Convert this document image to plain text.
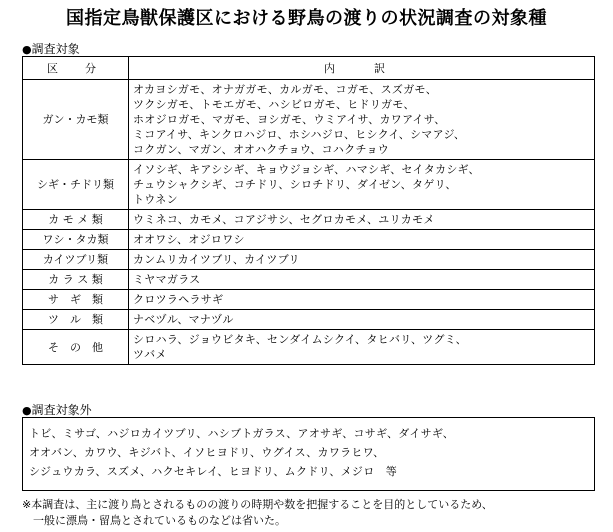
国指定鳥獣保護区における野鳥の渡りの状況調査の対象種
●調査対象
区　分	内　訳
ガン・カモ類	オカヨシガモ、オナガガモ、カルガモ、コガモ、スズガモ、
ツクシガモ、トモエガモ、ハシビロガモ、ヒドリガモ、
ホオジロガモ、マガモ、ヨシガモ、ウミアイサ、カワアイサ、
ミコアイサ、キンクロハジロ、ホシハジロ、ヒシクイ、シマアジ、
コクガン、マガン、オオハクチョウ、コハクチョウ
シギ・チドリ類	イソシギ、キアシシギ、キョウジョシギ、ハマシギ、セイタカシギ、
チュウシャクシギ、コチドリ、シロチドリ、ダイゼン、タゲリ、
トウネン
カ モ メ 類	ウミネコ、カモメ、コアジサシ、セグロカモメ、ユリカモメ
ワシ・タカ類	オオワシ、オジロワシ
カイツブリ類	カンムリカイツブリ、カイツブリ
カ ラ ス 類	ミヤマガラス
サ　ギ　類	クロツラヘラサギ
ツ　ル　類	ナベヅル、マナヅル
そ　の　他	シロハラ、ジョウビタキ、センダイムシクイ、タヒバリ、ツグミ、
ツバメ
●調査対象外
トビ、ミサゴ、ハジロカイツブリ、ハシブトガラス、アオサギ、コサギ、ダイサギ、
オオバン、カワウ、キジバト、イソヒヨドリ、ウグイス、カワラヒワ、
シジュウカラ、スズメ、ハクセキレイ、ヒヨドリ、ムクドリ、メジロ　等
※本調査は、主に渡り鳥とされるものの渡りの時期や数を把握することを目的としているため、
　一般に漂鳥・留鳥とされているものなどは省いた。
